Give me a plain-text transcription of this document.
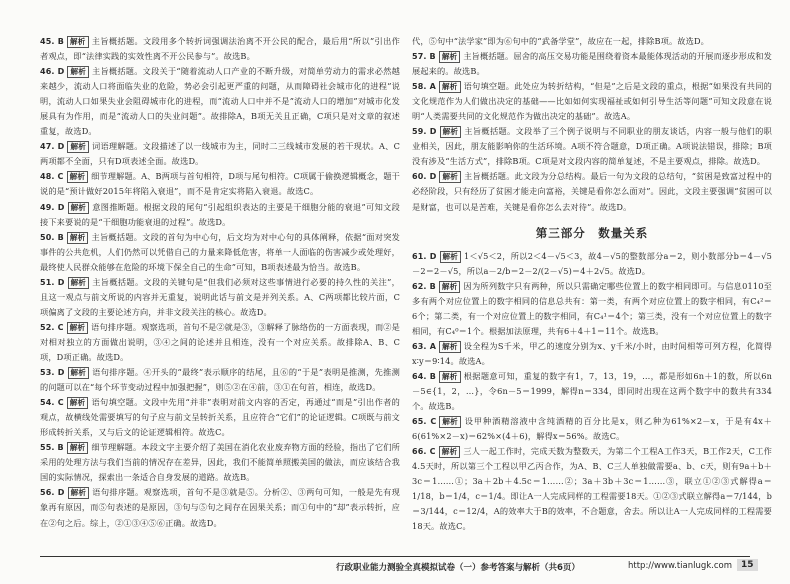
45. B 解析 主旨概括题。文段用多个转折词强调法治离不开公民的配合，最后用“所以”引出作者观点，即“法律实践的实效性离不开公民参与”。故选B。

46. D 解析 主旨概括题。文段关于“随着流动人口产业的不断升级，对简单劳动力的需求必然越来越少，流动人口将面临失业的危险，势必会引起更严重的问题，从而障碍社会城市化的进程”说明，流动人口如果失业会阻碍城市化的进程，而“流动人口中并不是”流动人口的增加”对城市化发展具有为作用，而是“流动人口的失业问题”。故排除A，B项无关且正确，C项只是对文章的叙述重复，故选D。

47. D 解析 词语理解题。文段描述了以一线城市为主，同时二三线城市发展的若干现状。A、C两项都不全面，只有D项表述全面。故选D。

48. C 解析 细节理解题。A、B两项与首句相符，D项与尾句相符。C项属于偷换逻辑概念，题干说的是“预计做好2015年将陷入衰退”，而不是肯定实将陷入衰退。故选C。

49. D 解析 意图推断题。根据文段的尾句“引起组织表达的主要是干细胞分能的衰退”可知文段接下来要说的是“干细胞功能衰退的过程”。故选D。

50. B 解析 主旨概括题。文段的首句为中心句，后文均为对中心句的具体阐释，依据“面对突发事件的公共危机，人们仍然可以凭借自己的力量来降低危害，将单一人面临的伤害减少或处理好，最终使人民群众能够在危险的环境下保全自己的生命”可知，B项表述最为恰当。故选B。

51. D 解析 主旨概括题。文段的关键句是“但我们必须对这些事情进行必要的持久性的关注”，且这一观点与前文所说的内容并无重复，说明此话与前文是并列关系。A、C两项都比较片面，C项偏离了文段的主要论述方向，并非文段关注的核心。故选D。

52. C 解析 语句排序题。观察选项，首句不是②就是③，③解释了脉络伤的一方面表现，而②是对相对独立的方面做出说明，③④之间的论述并且相连，没有一个对应关系。故排除A、B、C项，D项正确。故选D。

53. D 解析 语句排序题。④开头的“最终”表示顺序的结尾，且⑥的“于是”表明是推测，先推测的问题可以在“每个环节变动过程中加强把握”，则⑤②在④前，③①在句首，相连，故选D。

54. C 解析 语句填空题。文段中先用“并非”表明对前文内容的否定，再通过“而是”引出作者的观点，故横线处需要填写的句子应与前文呈转折关系，且应符合“它们”的论证逻辑。C项既与前文形成转折关系，又与后文的论证逻辑相符。故选C。

55. B 解析 细节理解题。本段文字主要介绍了美国在消化农业废弃物方面的经验，指出了它们所采用的处理方法与我们当前的情况存在差异，因此，我们不能简单照搬美国的做法，而应该结合我国的实际情况，探索出一条适合自身发展的道路。故选B。

56. D 解析 语句排序题。观察选项，首句不是③就是⑤。分析②、③两句可知，一般是先有现象再有原因，而⑤句表述的是原因，③句与⑤句之间存在因果关系；而①句中的“却”表示转折，应在②句之后。综上，②①③④⑤⑥正确。故选D。

代，⑤句中“法学家”即为⑥句中的“武备学堂”，故应在一起，排除B项。故选D。

57. B 解析 主旨概括题。屈舍的高压交易功能是围绕着资本最能体现活动的开展而逐步形成和发展起来的。故选B。

58. A 解析 语句填空题。此处应为转折结构，“但是”之后是文段的重点，根据“如果没有共同的文化规范作为人们做出决定的基础——比如如何实现福祉或如何引导生活等问题”可知文段意在说明“人类需要共同的文化规范作为做出决定的基础”。故选A。

59. D 解析 主旨概括题。文段举了三个例子说明与不同职业的朋友谈话，内容一般与他们的职业相关，因此，朋友能影响你的生活环境。A项不符合题意，D项正确。A项说法错误，排除；B项没有涉及“生活方式”，排除B项。C项是对文段内容的简单复述，不是主要观点，排除。故选D。

60. D 解析 主旨概括题。此文段为分总结构。最后一句为文段的总结句，“贫困是致富过程中的必经阶段，只有经历了贫困才能走向富裕，关键是看你怎么面对”。因此，文段主要强调“贫困可以是财富，也可以是苦难，关键是看你怎么去对待”。故选D。

第三部分　数量关系

61. D 解析 1＜√5＜2，所以2＜4－√5＜3，故4－√5的整数部分a＝2，则小数部分b＝4－√5－2＝2－√5，所以a－2/b＝2－2/(2－√5)＝4＋2√5。故选D。

62. B 解析 因为所列数字只有两种，所以只需确定哪些位置上的数字相同即可。与信息0110至多有两个对应位置上的数字相同的信息总共有：第一类，有两个对应位置上的数字相同，有C₄²＝6个；第二类，有一个对应位置上的数字相同，有C₄¹＝4个；第三类，没有一个对应位置上的数字相同，有C₄⁰＝1个。根据加法原理，共有6＋4＋1＝11个。故选B。

63. A 解析 设全程为S千米，甲乙的速度分别为x、y千米/小时，由时间相等可列方程，化简得x∶y＝9∶14。故选A。

64. B 解析 根据题意可知，重复的数字有1，7，13，19，…，都是形如6n＋1的数，所以6n－5∈{1，2，…}，令6n－5＝1999，解得n＝334，即同时出现在这两个数字中的数共有334个。故选B。

65. C 解析 设甲种酒精溶液中含纯酒精的百分比是x，则乙种为61%×2－x，于是有4x＋6(61%×2－x)＝62%×(4＋6)，解得x＝56%。故选C。

66. C 解析 三人一起工作时，完成天数为整数天，为第二个工程A工作3天，B工作2天，C工作4.5天时，所以第三个工程以甲乙丙合作，为A、B、C三人单独做需要a、b、c天，则有9a＋b＋3c＝1……①；3a＋2b＋4.5c＝1……②；3a＋3b＋3c＝1……③，联立①②③式解得a＝1/18，b＝1/4，c＝1/4。即让A一人完成同样的工程需要18天。①②③式联立解得a＝7/144，b＝3/144，c＝12/4，A的效率大于B的效率，不合题意，舍去。所以让A一人完成同样的工程需要18天。故选C。

行政职业能力测验全真模拟试卷（一）参考答案与解析（共6页）	http://www.tianlugk.com 15
